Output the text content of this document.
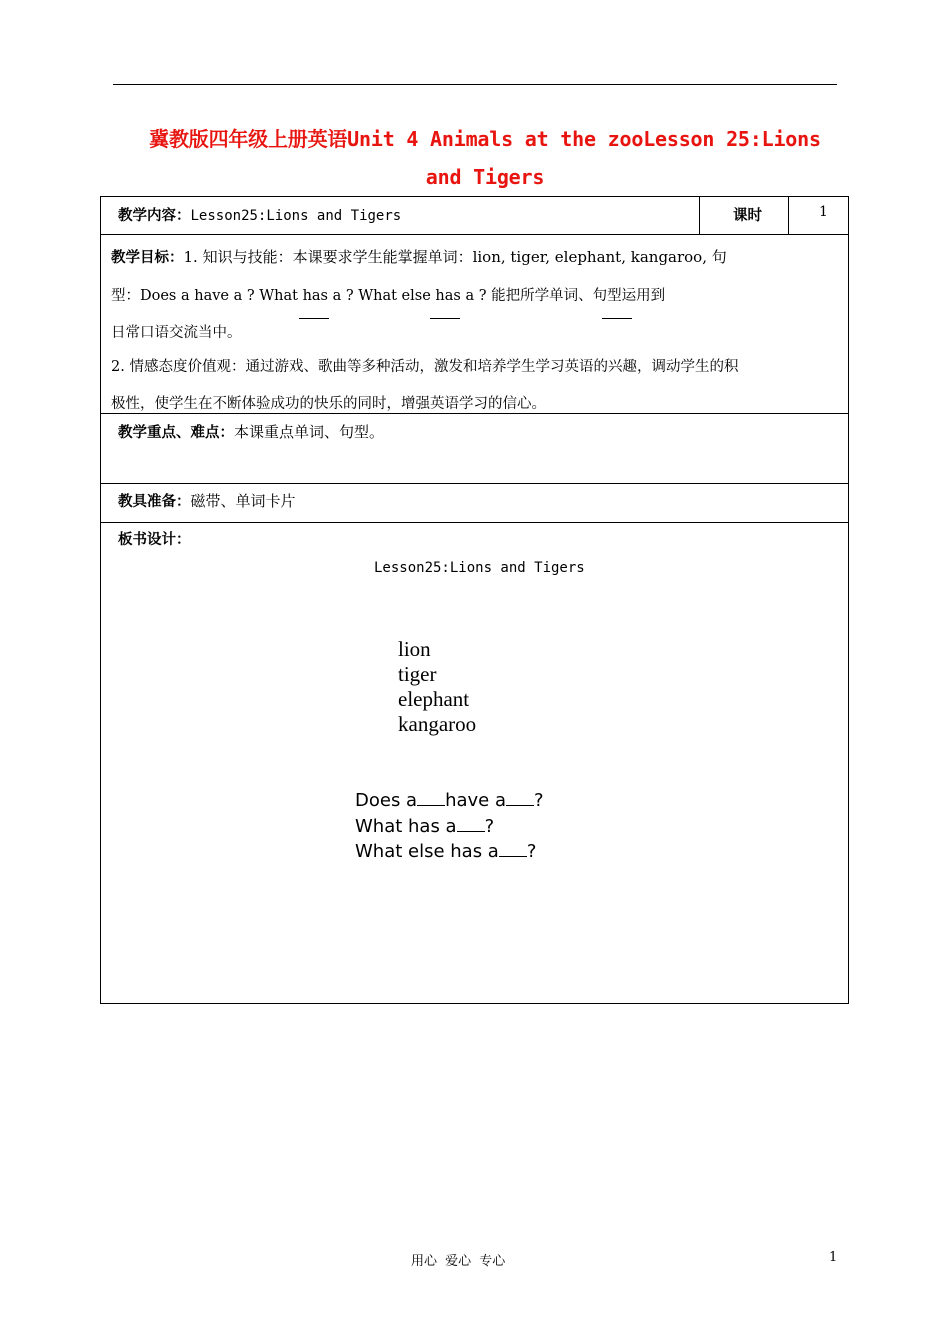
冀教版四年级上册英语Unit 4 Animals at the zooLesson 25:Lions
and Tigers
教学内容：Lesson25:Lions and Tigers	课时	1
教学目标：1. 知识与技能：本课要求学生能掌握单词：lion, tiger, elephant, kangaroo, 句
型：Does a have a ? What has a ? What else has a ? 能把所学单词、句型运用到
日常口语交流当中。
2. 情感态度价值观：通过游戏、歌曲等多种活动，激发和培养学生学习英语的兴趣，调动学生的积
极性，使学生在不断体验成功的快乐的同时，增强英语学习的信心。
教学重点、难点：本课重点单词、句型。
教具准备：磁带、单词卡片
板书设计：
Lesson25:Lions and Tigers
lion
tiger
elephant
kangaroo
Does a have a ?
What has a ?
What else has a ?
用心 爱心 专心	1
